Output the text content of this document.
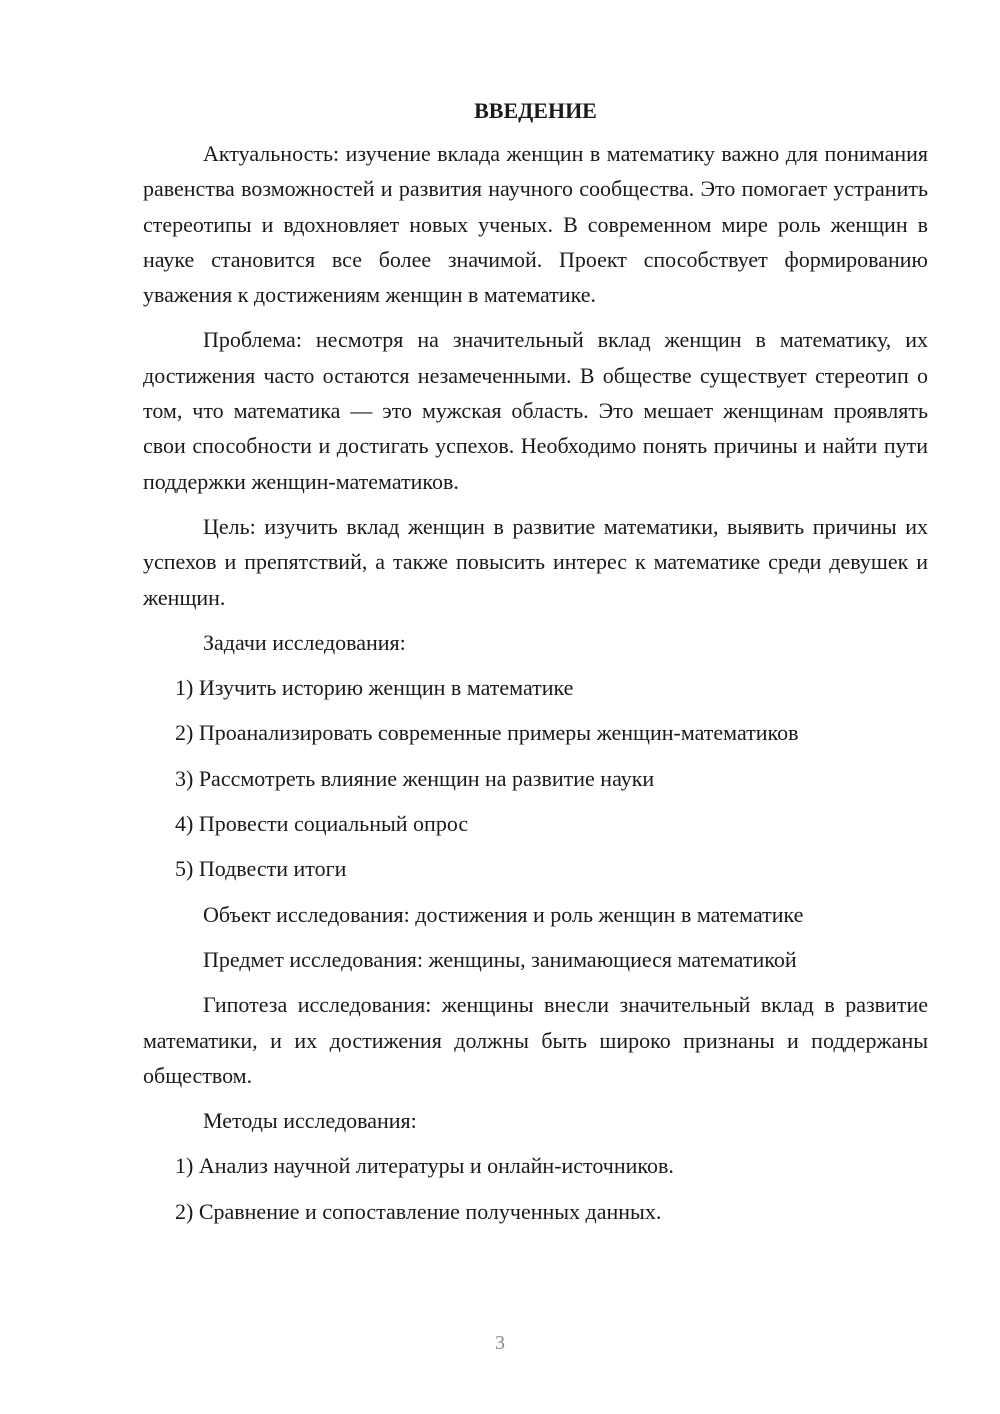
ВВЕДЕНИЕ

Актуальность: изучение вклада женщин в математику важно для понимания равенства возможностей и развития научного сообщества. Это помогает устранить стереотипы и вдохновляет новых ученых. В современном мире роль женщин в науке становится все более значимой. Проект способствует формированию уважения к достижениям женщин в математике.

Проблема: несмотря на значительный вклад женщин в математику, их достижения часто остаются незамеченными. В обществе существует стереотип о том, что математика — это мужская область. Это мешает женщинам проявлять свои способности и достигать успехов. Необходимо понять причины и найти пути поддержки женщин-математиков.

Цель: изучить вклад женщин в развитие математики, выявить причины их успехов и препятствий, а также повысить интерес к математике среди девушек и женщин.

Задачи исследования:
1) Изучить историю женщин в математике
2) Проанализировать современные примеры женщин-математиков
3) Рассмотреть влияние женщин на развитие науки
4) Провести социальный опрос
5) Подвести итоги
Объект исследования: достижения и роль женщин в математике
Предмет исследования: женщины, занимающиеся математикой

Гипотеза исследования: женщины внесли значительный вклад в развитие математики, и их достижения должны быть широко признаны и поддержаны обществом.

Методы исследования:
1) Анализ научной литературы и онлайн-источников.
2) Сравнение и сопоставление полученных данных.
3
